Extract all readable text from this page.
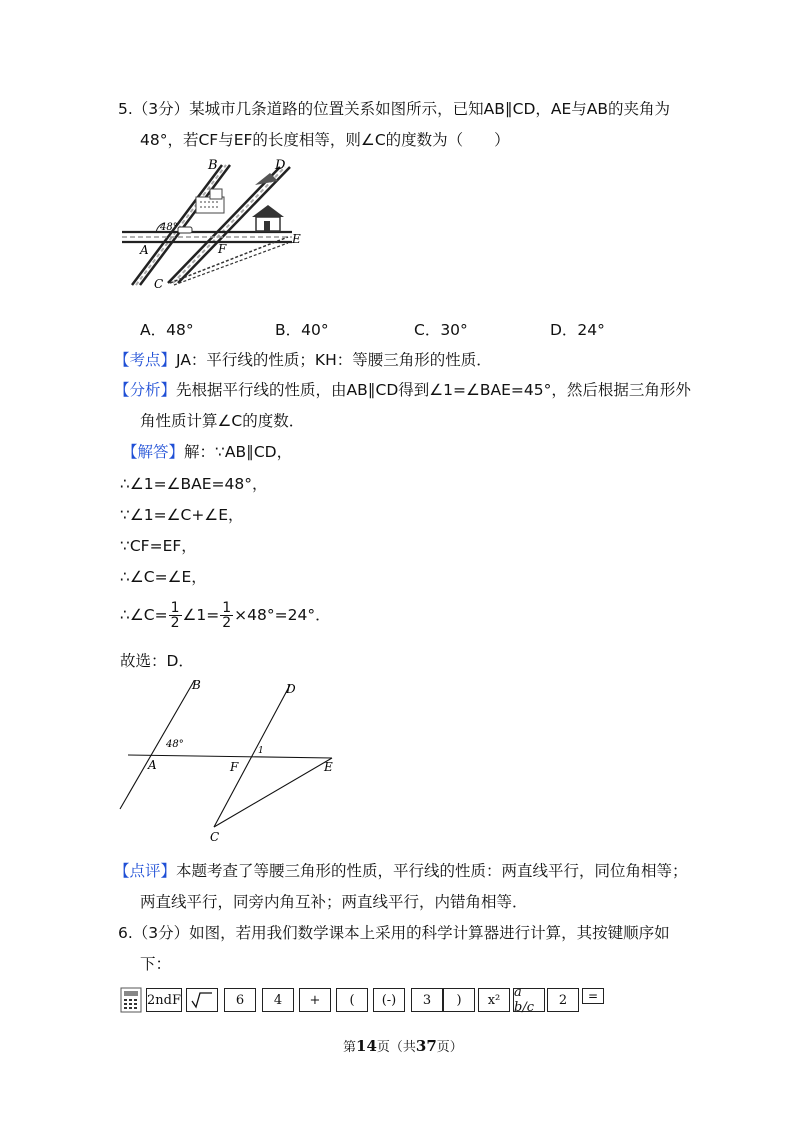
5.（3分）某城市几条道路的位置关系如图所示，已知AB∥CD，AE与AB的夹角为
48°，若CF与EF的长度相等，则∠C的度数为（　　）
B	D
48°
A	F
E
C
A．48°	B．40°	C．30°	D．24°
【考点】JA：平行线的性质；KH：等腰三角形的性质．
【分析】先根据平行线的性质，由AB∥CD得到∠1=∠BAE=45°，然后根据三角形外
角性质计算∠C的度数．
【解答】解：∵AB∥CD，
∴∠1=∠BAE=48°，
∵∠1=∠C+∠E，
∵CF=EF，
∴∠C=∠E，
∴∠C= $\frac{1}{2}$ ∠1= $\frac{1}{2} \times 48^\circ=24^\circ$．
故选：D．
B	D
48°
1
A	F	E
C
【点评】本题考查了等腰三角形的性质，平行线的性质：两直线平行，同位角相等；
两直线平行，同旁内角互补；两直线平行，内错角相等．
6.（3分）如图，若用我们数学课本上采用的科学计算器进行计算，其按键顺序如
下：
2ndF	6	4	+	(	(-)	3	)	x²	a b/c	2	=
第14页（共37页）
